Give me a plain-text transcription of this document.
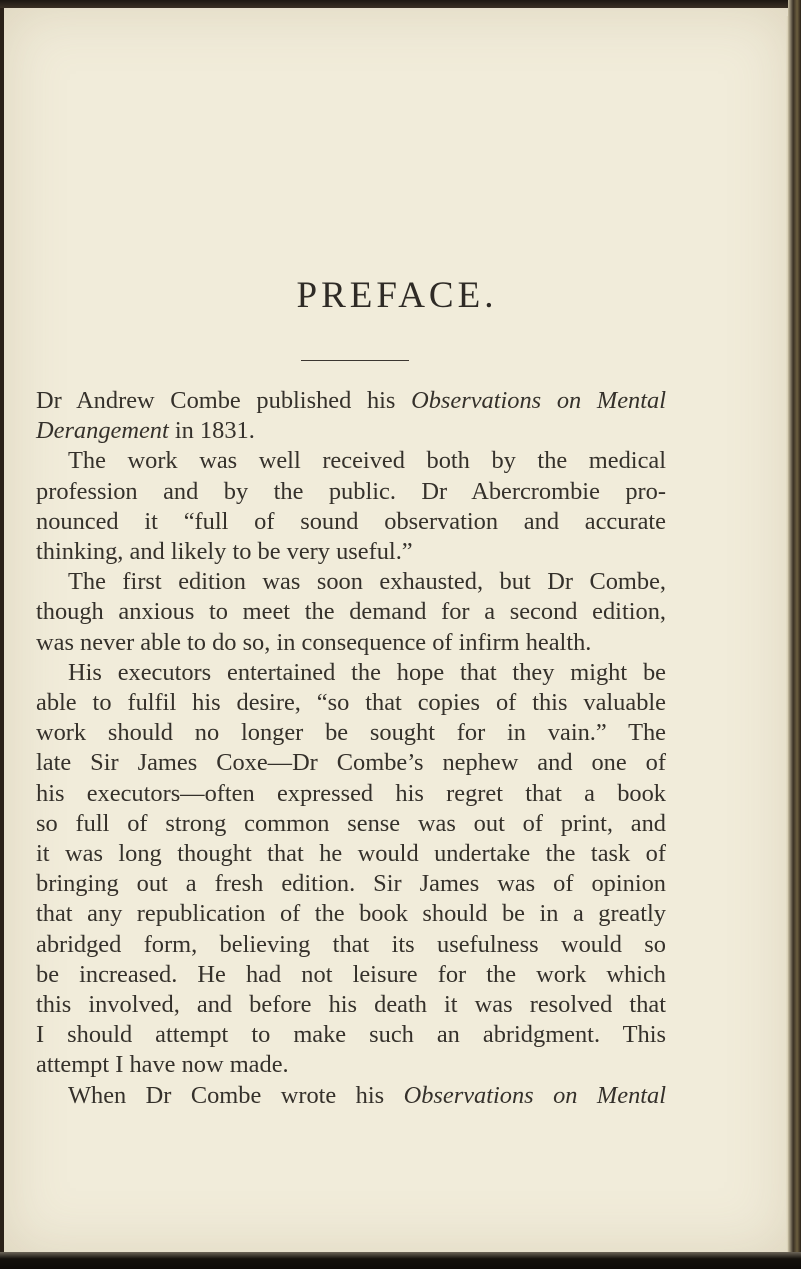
PREFACE.
Dr Andrew Combe published his Observations on Mental
Derangement in 1831.
The work was well received both by the medical
profession and by the public. Dr Abercrombie pro-
nounced it “full of sound observation and accurate
thinking, and likely to be very useful.”
The first edition was soon exhausted, but Dr Combe,
though anxious to meet the demand for a second edition,
was never able to do so, in consequence of infirm health.
His executors entertained the hope that they might be
able to fulfil his desire, “so that copies of this valuable
work should no longer be sought for in vain.” The
late Sir James Coxe—Dr Combe’s nephew and one of
his executors—often expressed his regret that a book
so full of strong common sense was out of print, and
it was long thought that he would undertake the task of
bringing out a fresh edition. Sir James was of opinion
that any republication of the book should be in a greatly
abridged form, believing that its usefulness would so
be increased. He had not leisure for the work which
this involved, and before his death it was resolved that
I should attempt to make such an abridgment. This
attempt I have now made.
When Dr Combe wrote his Observations on Mental
